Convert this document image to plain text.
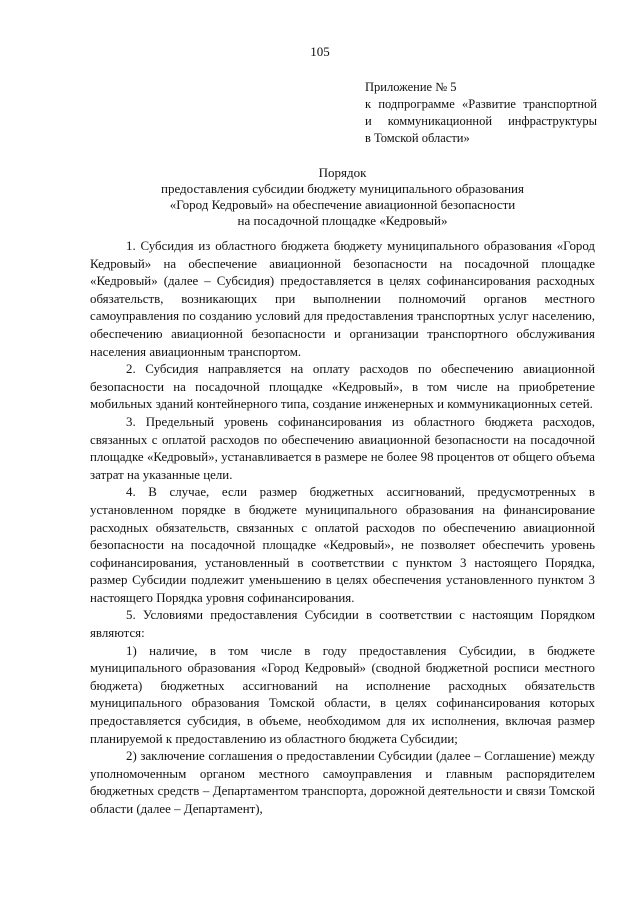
105
Приложение № 5
к подпрограмме «Развитие транспортной
и коммуникационной инфраструктуры
в Томской области»
Порядок
предоставления субсидии бюджету муниципального образования
«Город Кедровый» на обеспечение авиационной безопасности
на посадочной площадке «Кедровый»

1. Субсидия из областного бюджета бюджету муниципального образования «Город Кедровый» на обеспечение авиационной безопасности на посадочной площадке «Кедровый» (далее – Субсидия) предоставляется в целях софинансирования расходных обязательств, возникающих при выполнении полномочий органов местного самоуправления по созданию условий для предоставления транспортных услуг населению, обеспечению авиационной безопасности и организации транспортного обслуживания населения авиационным транспортом.

2. Субсидия направляется на оплату расходов по обеспечению авиационной безопасности на посадочной площадке «Кедровый», в том числе на приобретение мобильных зданий контейнерного типа, создание инженерных и коммуникационных сетей.

3. Предельный уровень софинансирования из областного бюджета расходов, связанных с оплатой расходов по обеспечению авиационной безопасности на посадочной площадке «Кедровый», устанавливается в размере не более 98 процентов от общего объема затрат на указанные цели.

4. В случае, если размер бюджетных ассигнований, предусмотренных в установленном порядке в бюджете муниципального образования на финансирование расходных обязательств, связанных с оплатой расходов по обеспечению авиационной безопасности на посадочной площадке «Кедровый», не позволяет обеспечить уровень софинансирования, установленный в соответствии с пунктом 3 настоящего Порядка, размер Субсидии подлежит уменьшению в целях обеспечения установленного пунктом 3 настоящего Порядка уровня софинансирования.

5. Условиями предоставления Субсидии в соответствии с настоящим Порядком являются:

1) наличие, в том числе в году предоставления Субсидии, в бюджете муниципального образования «Город Кедровый» (сводной бюджетной росписи местного бюджета) бюджетных ассигнований на исполнение расходных обязательств муниципального образования Томской области, в целях софинансирования которых предоставляется субсидия, в объеме, необходимом для их исполнения, включая размер планируемой к предоставлению из областного бюджета Субсидии;

2) заключение соглашения о предоставлении Субсидии (далее – Соглашение) между уполномоченным органом местного самоуправления и главным распорядителем бюджетных средств – Департаментом транспорта, дорожной деятельности и связи Томской области (далее – Департамент),
